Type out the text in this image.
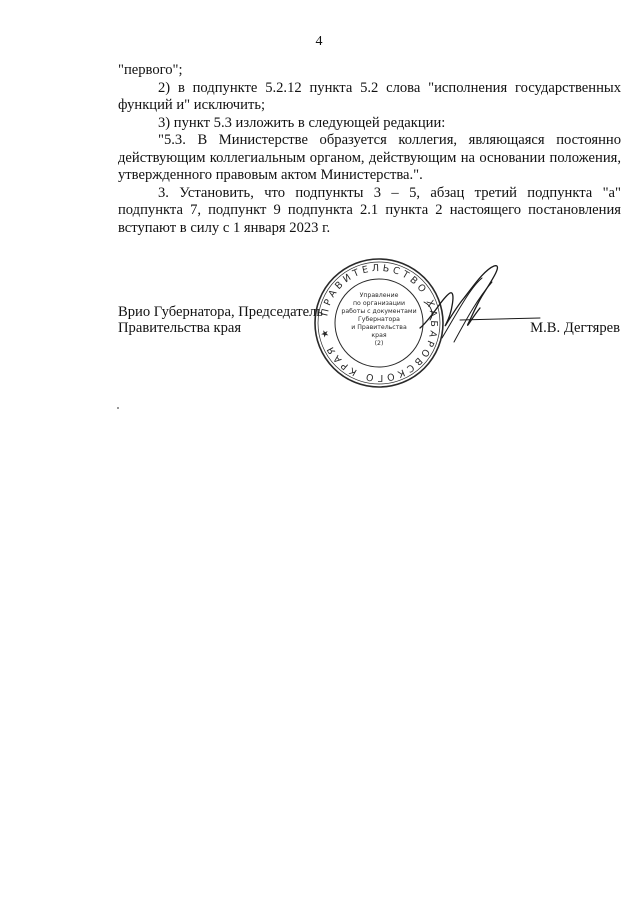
4

"первого";

2) в подпункте 5.2.12 пункта 5.2 слова "исполнения государственных функций и" исключить;

3) пункт 5.3 изложить в следующей редакции:

"5.3. В Министерстве образуется коллегия, являющаяся постоянно действующим коллегиальным органом, действующим на основании положения, утвержденного правовым актом Министерства.".

3. Установить, что подпункты 3 – 5, абзац третий подпункта "а" подпункта 7, подпункт 9 подпункта 2.1 пункта 2 настоящего постановления вступают в силу с 1 января 2023 г.

Врио Губернатора, Председатель
Правительства края
ПРАВИТЕЛЬСТВО ХАБАРОВСКОГО КРАЯ ★
Управление
по организации
работы с документами
Губернатора
и Правительства
края
(2)
М.В. Дегтярев
